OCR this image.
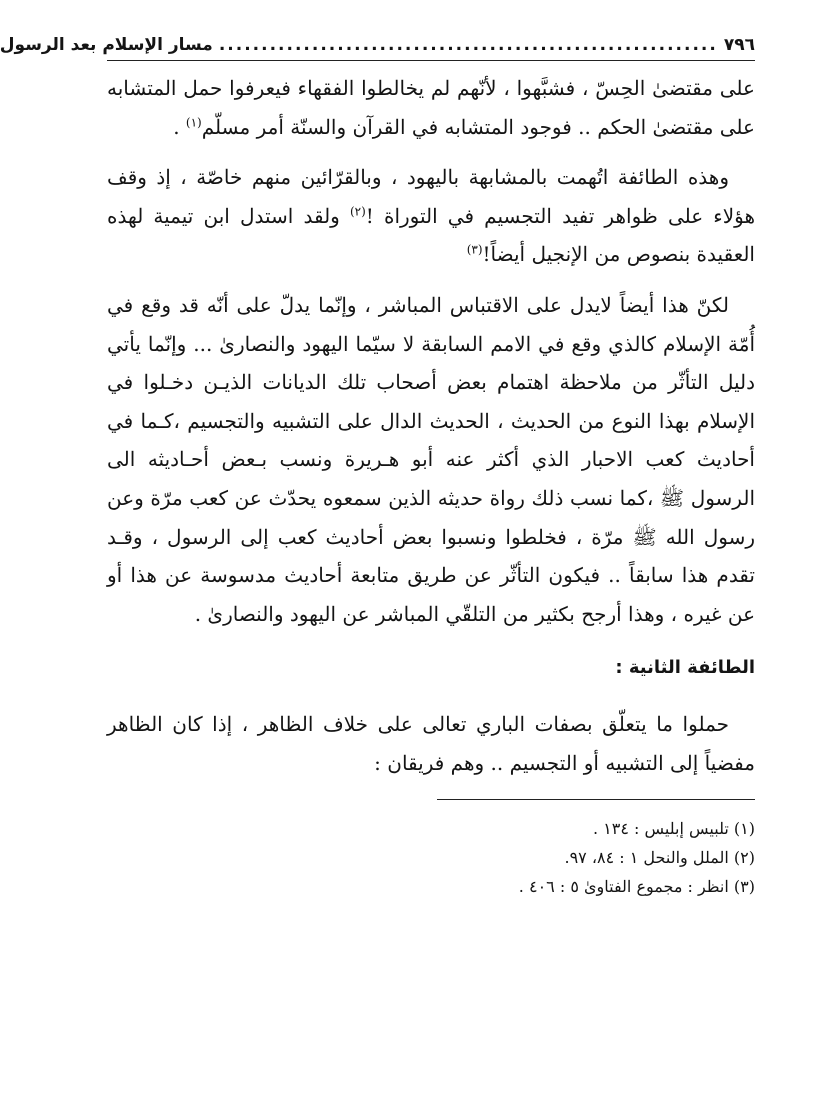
٧٩٦
...........................................................
مسار الإسلام بعد الرسول

على مقتضىٰ الحِسّ ، فشبَّهوا ، لأنّهم لم يخالطوا الفقهاء فيعرفوا حمل المتشابه على مقتضىٰ الحكم .. فوجود المتشابه في القرآن والسنّة أمر مسلّم$^{(١)}$ .

وهذه الطائفة اتُهمت بالمشابهة باليهود ، وبالقرّائين منهم خاصّة ، إذ وقف هؤلاء على ظواهر تفيد التجسيم في التوراة !$^{(٢)}$ ولقد استدل ابن تيمية لهذه العقيدة بنصوص من الإنجيل أيضاً!$^{(٣)}$

لكنّ هذا أيضاً لايدل على الاقتباس المباشر ، وإنّما يدلّ على أنّه قد وقع في أُمّة الإسلام كالذي وقع في الامم السابقة لا سيّما اليهود والنصارىٰ ... وإنّما يأتي دليل التأثّر من ملاحظة اهتمام بعض أصحاب تلك الديانات الذيـن دخـلوا في الإسلام بهذا النوع من الحديث ، الحديث الدال على التشبيه والتجسيم ،كـما في أحاديث كعب الاحبار الذي أكثر عنه أبو هـريرة ونسب بـعض أحـاديثه الى الرسول ﷺ ،كما نسب ذلك رواة حديثه الذين سمعوه يحدّث عن كعب مرّة وعن رسول الله ﷺ مرّة ، فخلطوا ونسبوا بعض أحاديث كعب إلى الرسول ، وقـد تقدم هذا سابقاً .. فيكون التأثّر عن طريق متابعة أحاديث مدسوسة عن هذا أو عن غيره ، وهذا أرجح بكثير من التلقّي المباشر عن اليهود والنصارىٰ .

الطائفة الثانية :

حملوا ما يتعلّق بصفات الباري تعالى على خلاف الظاهر ، إذا كان الظاهر مفضياً إلى التشبيه أو التجسيم .. وهم فريقان :

(١) تلبيس إبليس : ١٣٤ .
(٢) الملل والنحل ١ : ٨٤، ٩٧.
(٣) انظر : مجموع الفتاوىٰ ٥ : ٤٠٦ .
